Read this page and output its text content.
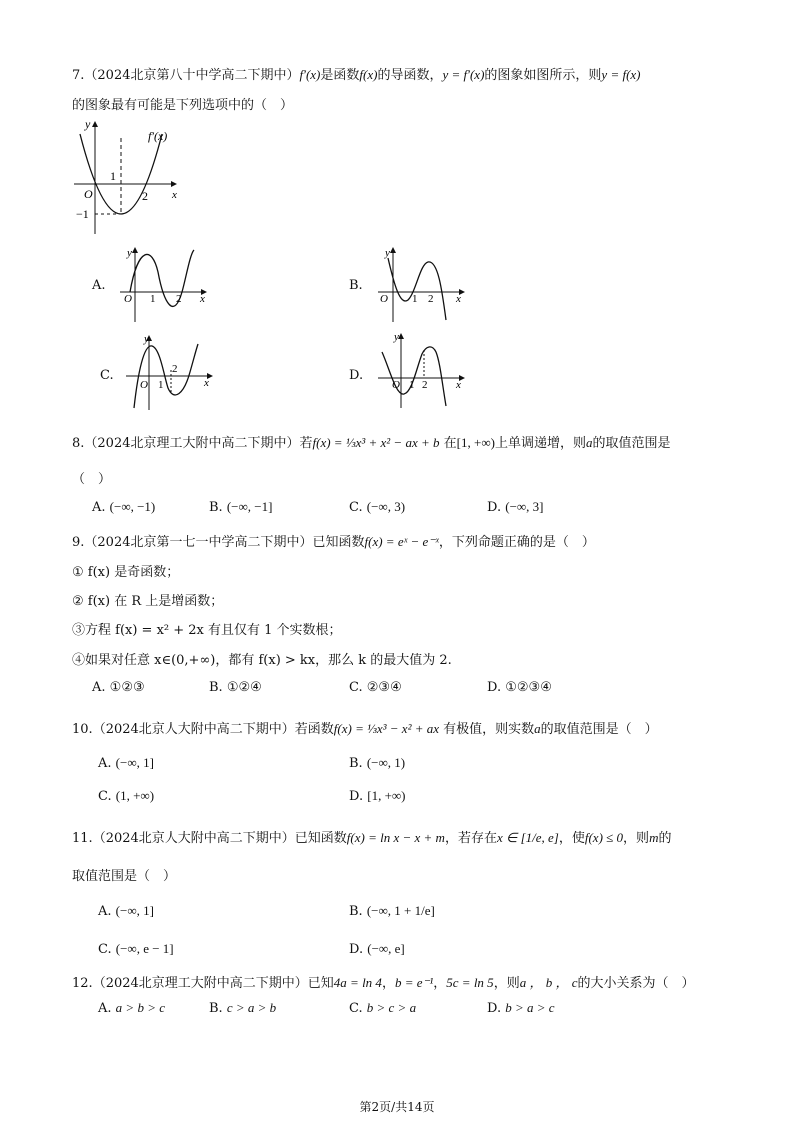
7.（2024北京第八十中学高二下期中）f′(x)是函数f(x)的导函数，y = f′(x)的图象如图所示，则y = f(x)
的图象最有可能是下列选项中的（　）
y
f′(x)
x
O
1
2
−1
A.
y
O 1 2 x
B.
y
O 1 2 x
C.
y
O 1
2
x	D.
y
O 1 2	x
8.（2024北京理工大附中高二下期中）若f(x) = ⅓x³ + x² − ax + b 在[1, +∞)上单调递增，则a的取值范围是
（　）
A. (−∞, −1)	B. (−∞, −1]	C. (−∞, 3)	D. (−∞, 3]
9.（2024北京第一七一中学高二下期中）已知函数f(x) = eˣ − e⁻ˣ，下列命题正确的是（　）
① f(x) 是奇函数；
② f(x) 在 R 上是增函数；
③方程 f(x) = x² + 2x 有且仅有 1 个实数根；
④如果对任意 x∈(0,+∞)，都有 f(x) > kx，那么 k 的最大值为 2.
A. ①②③	B. ①②④	C. ②③④	D. ①②③④
10.（2024北京人大附中高二下期中）若函数f(x) = ⅓x³ − x² + ax 有极值，则实数a的取值范围是（　）
A. (−∞, 1]	B. (−∞, 1)
C. (1, +∞)	D. [1, +∞)
11.（2024北京人大附中高二下期中）已知函数f(x) = ln x − x + m，若存在x ∈ [1/e, e]，使f(x) ≤ 0，则m的
取值范围是（　）
A. (−∞, 1]	B. (−∞, 1 + 1/e]
C. (−∞, e − 1]	D. (−∞, e]
12.（2024北京理工大附中高二下期中）已知4a = ln 4，b = e⁻¹，5c = ln 5，则a ， b ， c的大小关系为（　）
A. a > b > c	B. c > a > b	C. b > c > a	D. b > a > c
第2页/共14页
